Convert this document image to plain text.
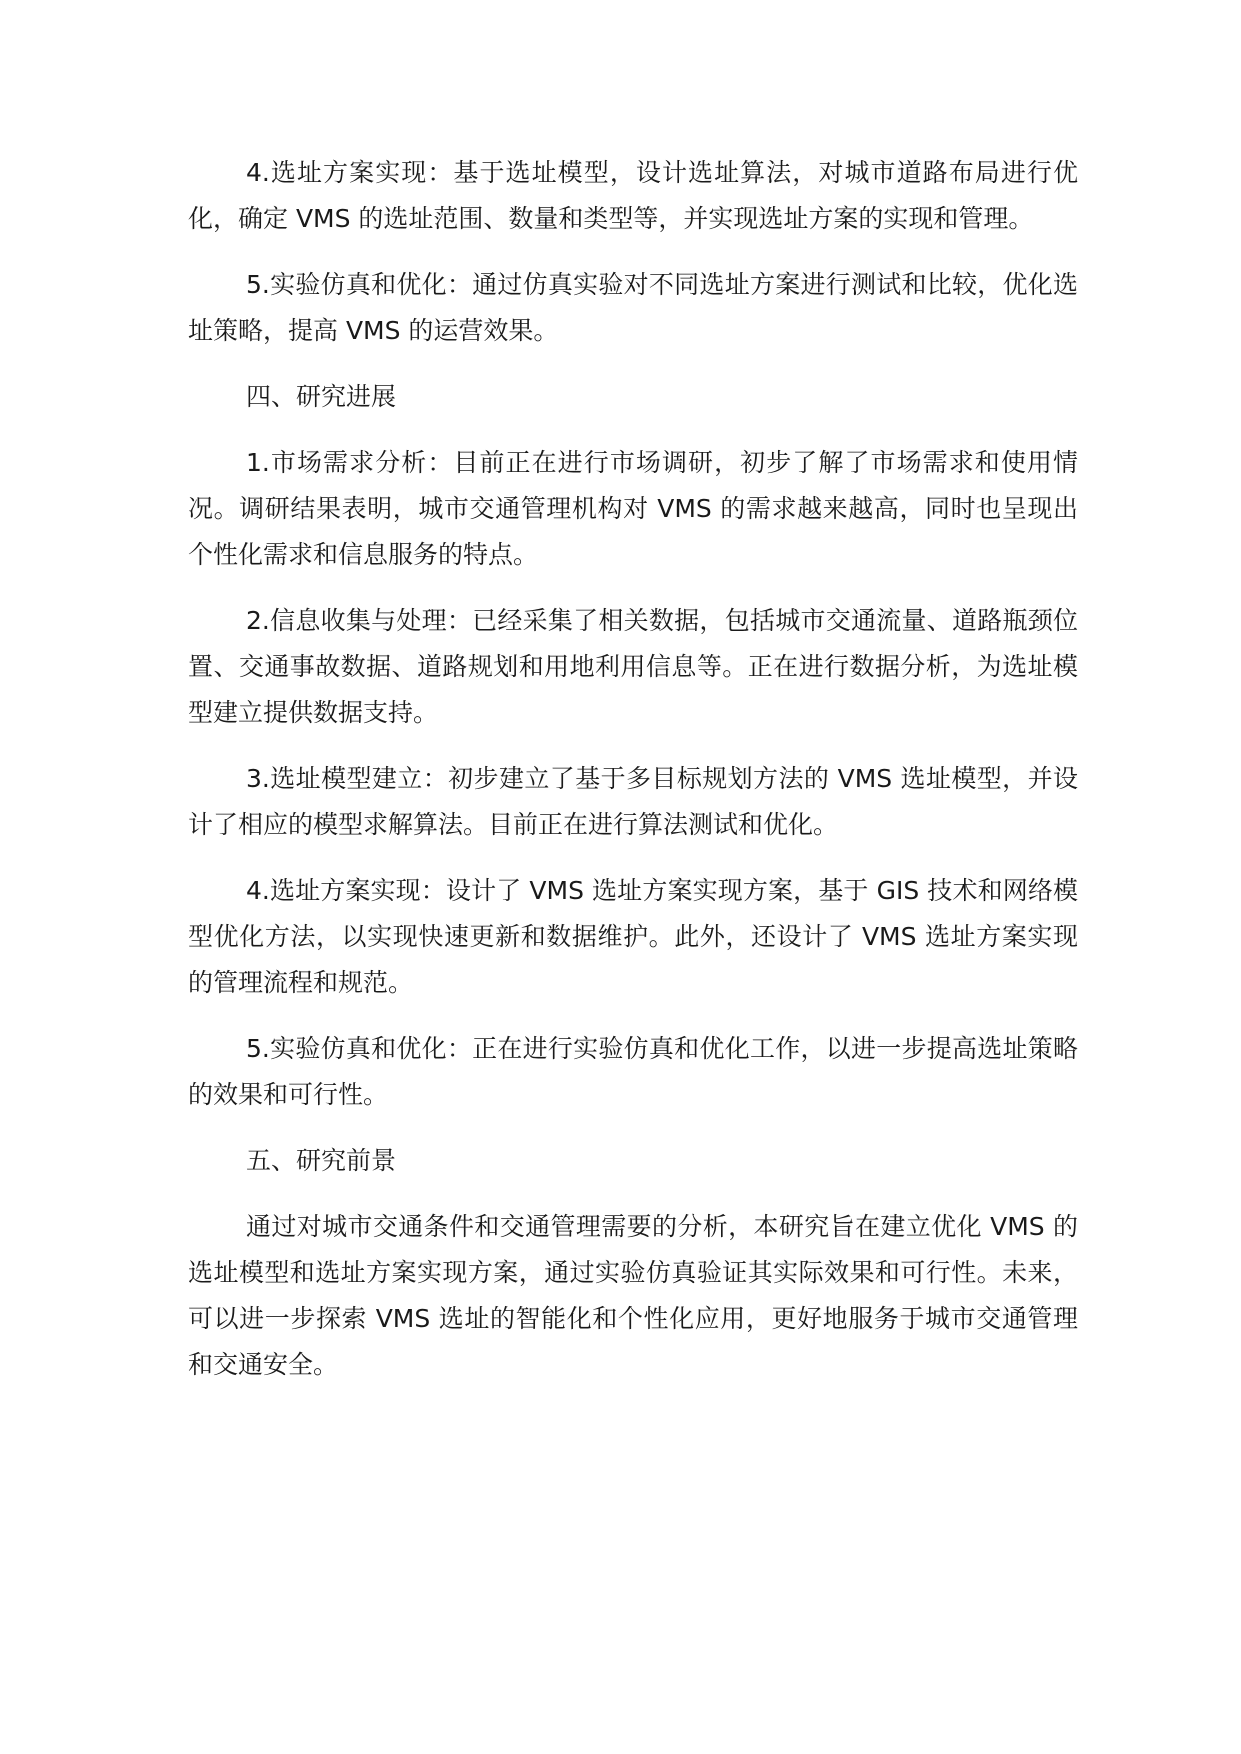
4.选址方案实现：基于选址模型，设计选址算法，对城市道路布局进行优化，确定 VMS 的选址范围、数量和类型等，并实现选址方案的实现和管理。

5.实验仿真和优化：通过仿真实验对不同选址方案进行测试和比较，优化选址策略，提高 VMS 的运营效果。

四、研究进展

1.市场需求分析：目前正在进行市场调研，初步了解了市场需求和使用情况。调研结果表明，城市交通管理机构对 VMS 的需求越来越高，同时也呈现出个性化需求和信息服务的特点。

2.信息收集与处理：已经采集了相关数据，包括城市交通流量、道路瓶颈位置、交通事故数据、道路规划和用地利用信息等。正在进行数据分析，为选址模型建立提供数据支持。

3.选址模型建立：初步建立了基于多目标规划方法的 VMS 选址模型，并设计了相应的模型求解算法。目前正在进行算法测试和优化。

4.选址方案实现：设计了 VMS 选址方案实现方案，基于 GIS 技术和网络模型优化方法，以实现快速更新和数据维护。此外，还设计了 VMS 选址方案实现的管理流程和规范。

5.实验仿真和优化：正在进行实验仿真和优化工作，以进一步提高选址策略的效果和可行性。

五、研究前景

通过对城市交通条件和交通管理需要的分析，本研究旨在建立优化 VMS 的选址模型和选址方案实现方案，通过实验仿真验证其实际效果和可行性。未来，可以进一步探索 VMS 选址的智能化和个性化应用，更好地服务于城市交通管理和交通安全。
